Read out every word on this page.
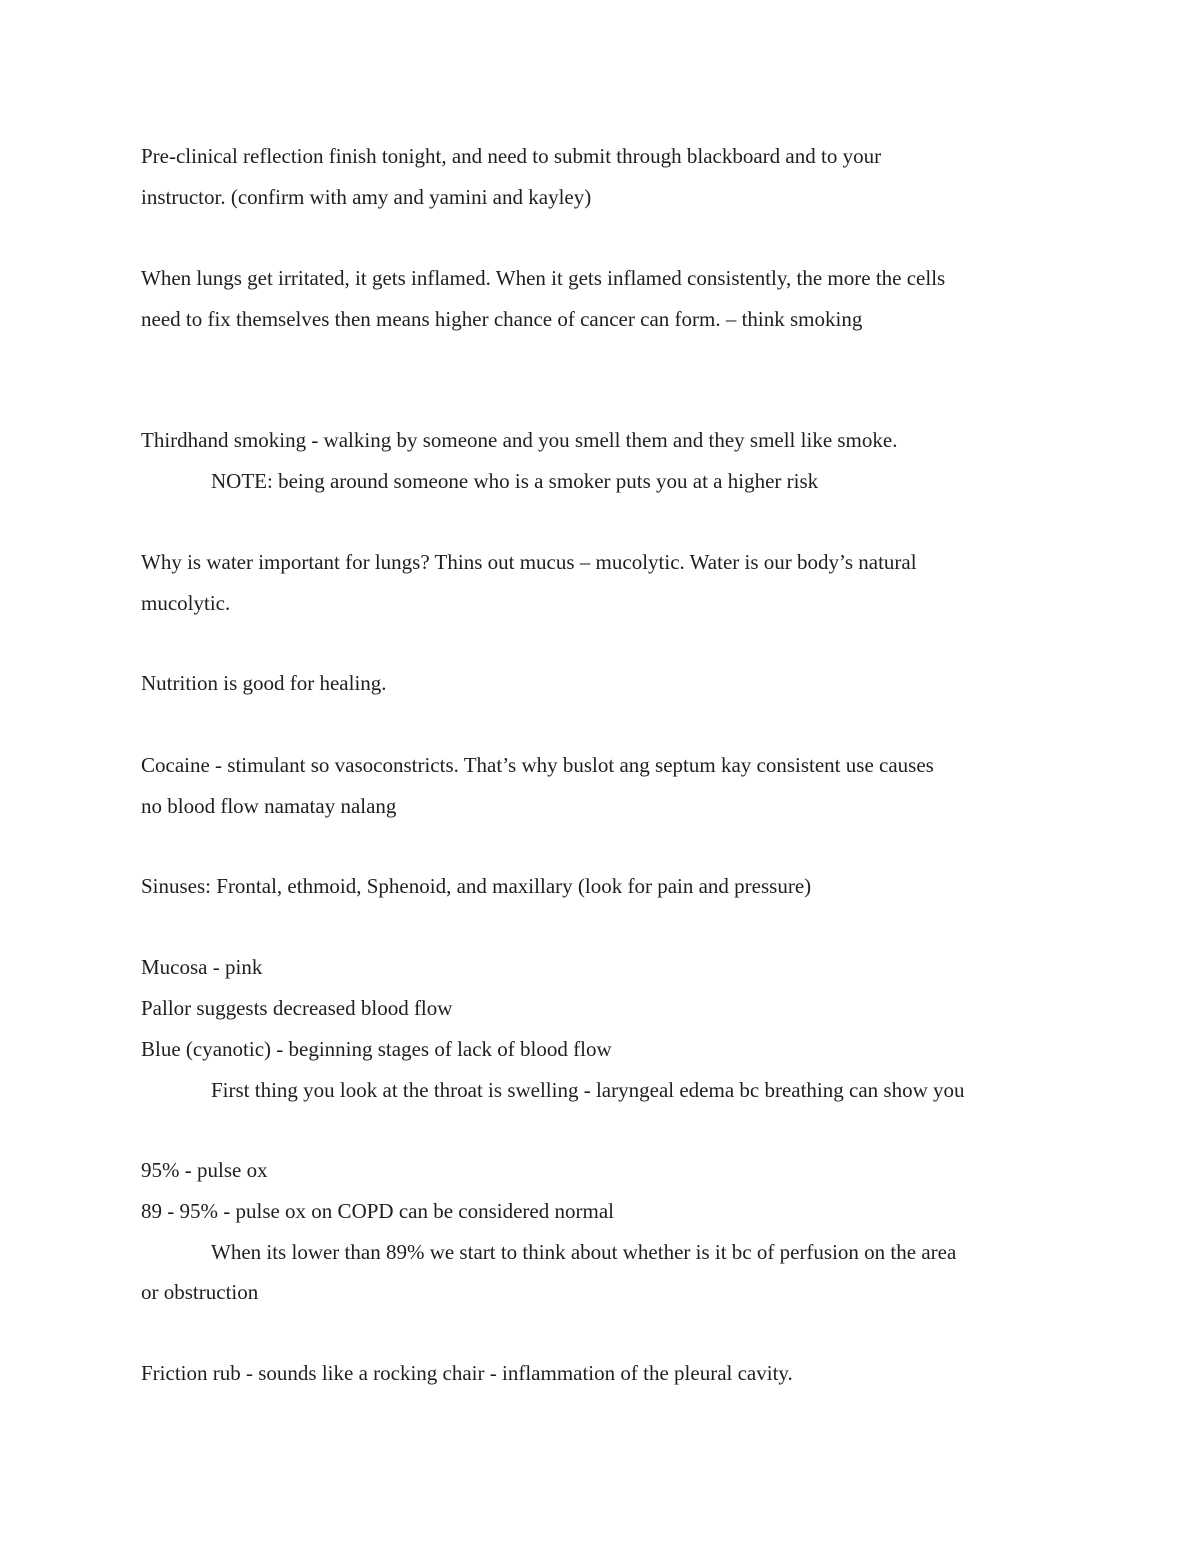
Pre-clinical reflection finish tonight, and need to submit through blackboard and to your

instructor. (confirm with amy and yamini and kayley)

When lungs get irritated, it gets inflamed. When it gets inflamed consistently, the more the cells

need to fix themselves then means higher chance of cancer can form. – think smoking

Thirdhand smoking - walking by someone and you smell them and they smell like smoke.

NOTE: being around someone who is a smoker puts you at a higher risk

Why is water important for lungs? Thins out mucus – mucolytic. Water is our body’s natural

mucolytic.

Nutrition is good for healing.

Cocaine - stimulant so vasoconstricts. That’s why buslot ang septum kay consistent use causes

no blood flow namatay nalang

Sinuses: Frontal, ethmoid, Sphenoid, and maxillary (look for pain and pressure)

Mucosa - pink

Pallor suggests decreased blood flow

Blue (cyanotic) - beginning stages of lack of blood flow

First thing you look at the throat is swelling - laryngeal edema bc breathing can show you

95% - pulse ox

89 - 95% - pulse ox on COPD can be considered normal

When its lower than 89% we start to think about whether is it bc of perfusion on the area

or obstruction

Friction rub - sounds like a rocking chair - inflammation of the pleural cavity.
